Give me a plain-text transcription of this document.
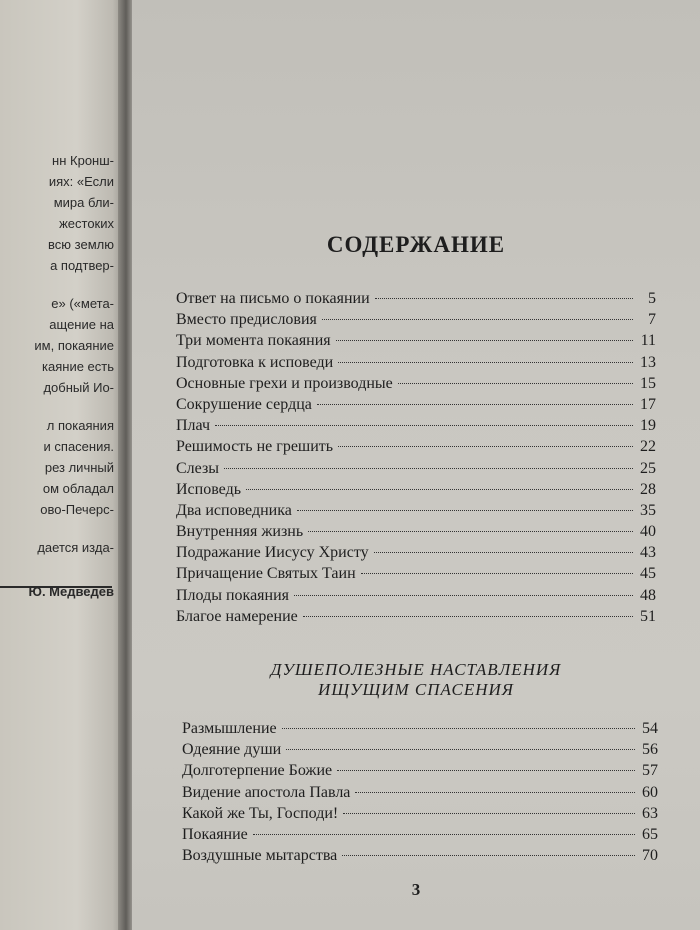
нн Кронш-
иях: «Если
мира бли-
жестоких
всю землю
а подтвер-
е» («мета-
ащение на
им, покаяние
каяние есть
добный Ио-
л покаяния
и спасения.
рез личный
ом обладал
ово-Печерс-
дается изда-
Ю. Медведев
СОДЕРЖАНИЕ
Ответ на письмо о покаянии	5
Вместо предисловия	7
Три момента покаяния	11
Подготовка к исповеди	13
Основные грехи и производные	15
Сокрушение сердца	17
Плач	19
Решимость не грешить	22
Слезы	25
Исповедь	28
Два исповедника	35
Внутренняя жизнь	40
Подражание Иисусу Христу	43
Причащение Святых Таин	45
Плоды покаяния	48
Благое намерение	51
ДУШЕПОЛЕЗНЫЕ НАСТАВЛЕНИЯ
ИЩУЩИМ СПАСЕНИЯ
Размышление	54
Одеяние души	56
Долготерпение Божие	57
Видение апостола Павла	60
Какой же Ты, Господи!	63
Покаяние	65
Воздушные мытарства	70
3
